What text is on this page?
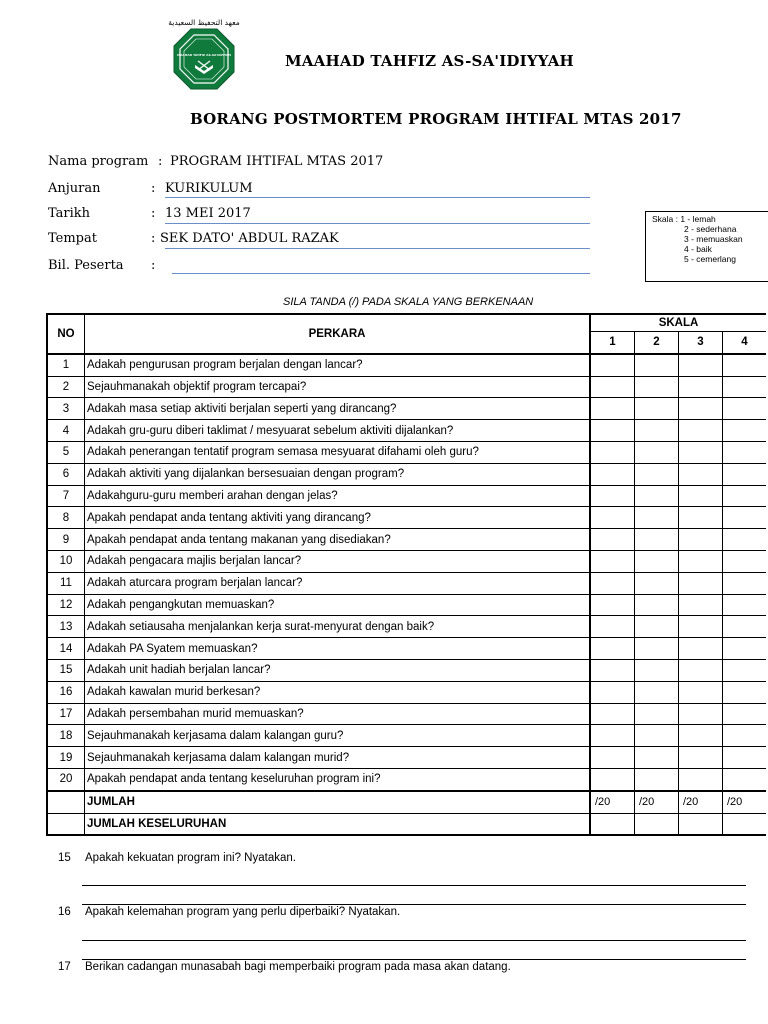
معهد التحفيظ السعيدية
MAAHAD TAHFIZ AS-SA'IDIYYAH	MAAHAD TAHFIZ AS-SA'IDIYYAH
BORANG POSTMORTEM PROGRAM IHTIFAL MTAS 2017
Nama program : PROGRAM IHTIFAL MTAS 2017
Anjuran	: KURIKULUM
Tarikh	: 13 MEI 2017
Tempat	: SEK DATO' ABDUL RAZAK
Bil. Peserta :
Skala : 1 - lemah
2 - sederhana
3 - memuaskan
4 - baik
5 - cemerlang
SILA TANDA (/) PADA SKALA YANG BERKENAAN
NO	PERKARA	SKALA			
		1	2	3	4
1	Adakah pengurusan program berjalan dengan lancar?				
2	Sejauhmanakah objektif program tercapai?				
3	Adakah masa setiap aktiviti berjalan seperti yang dirancang?				
4	Adakah gru-guru diberi taklimat / mesyuarat sebelum aktiviti dijalankan?				
5	Adakah penerangan tentatif program semasa mesyuarat difahami oleh guru?				
6	Adakah aktiviti yang dijalankan bersesuaian dengan program?				
7	Adakahguru-guru memberi arahan dengan jelas?				
8	Apakah pendapat anda tentang aktiviti yang dirancang?				
9	Apakah pendapat anda tentang makanan yang disediakan?				
10	Adakah pengacara majlis berjalan lancar?				
11	Adakah aturcara program berjalan lancar?				
12	Adakah pengangkutan memuaskan?				
13	Adakah setiausaha menjalankan kerja surat-menyurat dengan baik?				
14	Adakah PA Syatem memuaskan?				
15	Adakah unit hadiah berjalan lancar?				
16	Adakah kawalan murid berkesan?				
17	Adakah persembahan murid memuaskan?				
18	Sejauhmanakah kerjasama dalam kalangan guru?				
19	Sejauhmanakah kerjasama dalam kalangan murid?				
20	Apakah pendapat anda tentang keseluruhan program ini?				
	JUMLAH	/20	/20	/20	/20
	JUMLAH KESELURUHAN				
15 Apakah kekuatan program ini? Nyatakan.
16 Apakah kelemahan program yang perlu diperbaiki? Nyatakan.
17 Berikan cadangan munasabah bagi memperbaiki program pada masa akan datang.
